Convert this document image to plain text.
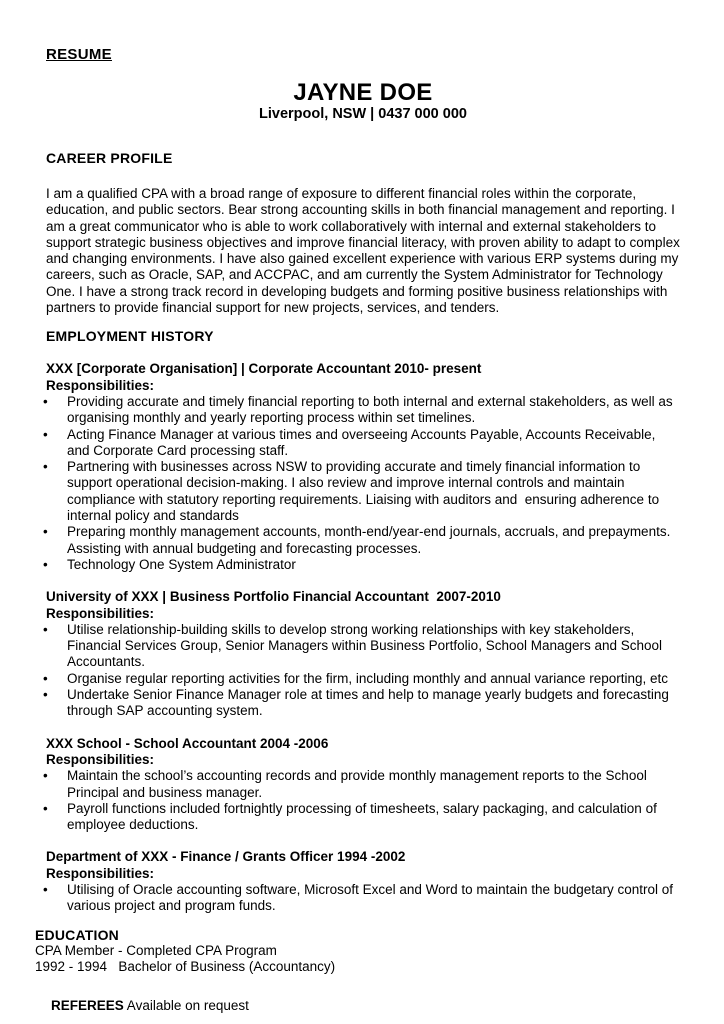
RESUME
JAYNE DOE
Liverpool, NSW | 0437 000 000
CAREER PROFILE
I am a qualified CPA with a broad range of exposure to different financial roles within the corporate, education, and public sectors. Bear strong accounting skills in both financial management and reporting. I am a great communicator who is able to work collaboratively with internal and external stakeholders to support strategic business objectives and improve financial literacy, with proven ability to adapt to complex and changing environments. I have also gained excellent experience with various ERP systems during my careers, such as Oracle, SAP, and ACCPAC, and am currently the System Administrator for Technology One. I have a strong track record in developing budgets and forming positive business relationships with partners to provide financial support for new projects, services, and tenders.
EMPLOYMENT HISTORY
XXX [Corporate Organisation] | Corporate Accountant 2010- present
Responsibilities:
• Providing accurate and timely financial reporting to both internal and external stakeholders, as well as organising monthly and yearly reporting process within set timelines.
• Acting Finance Manager at various times and overseeing Accounts Payable, Accounts Receivable, and Corporate Card processing staff.
• Partnering with businesses across NSW to providing accurate and timely financial information to support operational decision-making. I also review and improve internal controls and maintain compliance with statutory reporting requirements. Liaising with auditors and  ensuring adherence to internal policy and standards
• Preparing monthly management accounts, month-end/year-end journals, accruals, and prepayments. Assisting with annual budgeting and forecasting processes.
• Technology One System Administrator
University of XXX | Business Portfolio Financial Accountant  2007-2010
Responsibilities:
• Utilise relationship-building skills to develop strong working relationships with key stakeholders, Financial Services Group, Senior Managers within Business Portfolio, School Managers and School Accountants.
• Organise regular reporting activities for the firm, including monthly and annual variance reporting, etc
• Undertake Senior Finance Manager role at times and help to manage yearly budgets and forecasting through SAP accounting system.
XXX School - School Accountant 2004 -2006
Responsibilities:
• Maintain the school’s accounting records and provide monthly management reports to the School Principal and business manager.
• Payroll functions included fortnightly processing of timesheets, salary packaging, and calculation of employee deductions.
Department of XXX - Finance / Grants Officer 1994 -2002
Responsibilities:
• Utilising of Oracle accounting software, Microsoft Excel and Word to maintain the budgetary control of various project and program funds.
EDUCATION
CPA Member - Completed CPA Program
1992 - 1994   Bachelor of Business (Accountancy)

REFEREES Available on request
